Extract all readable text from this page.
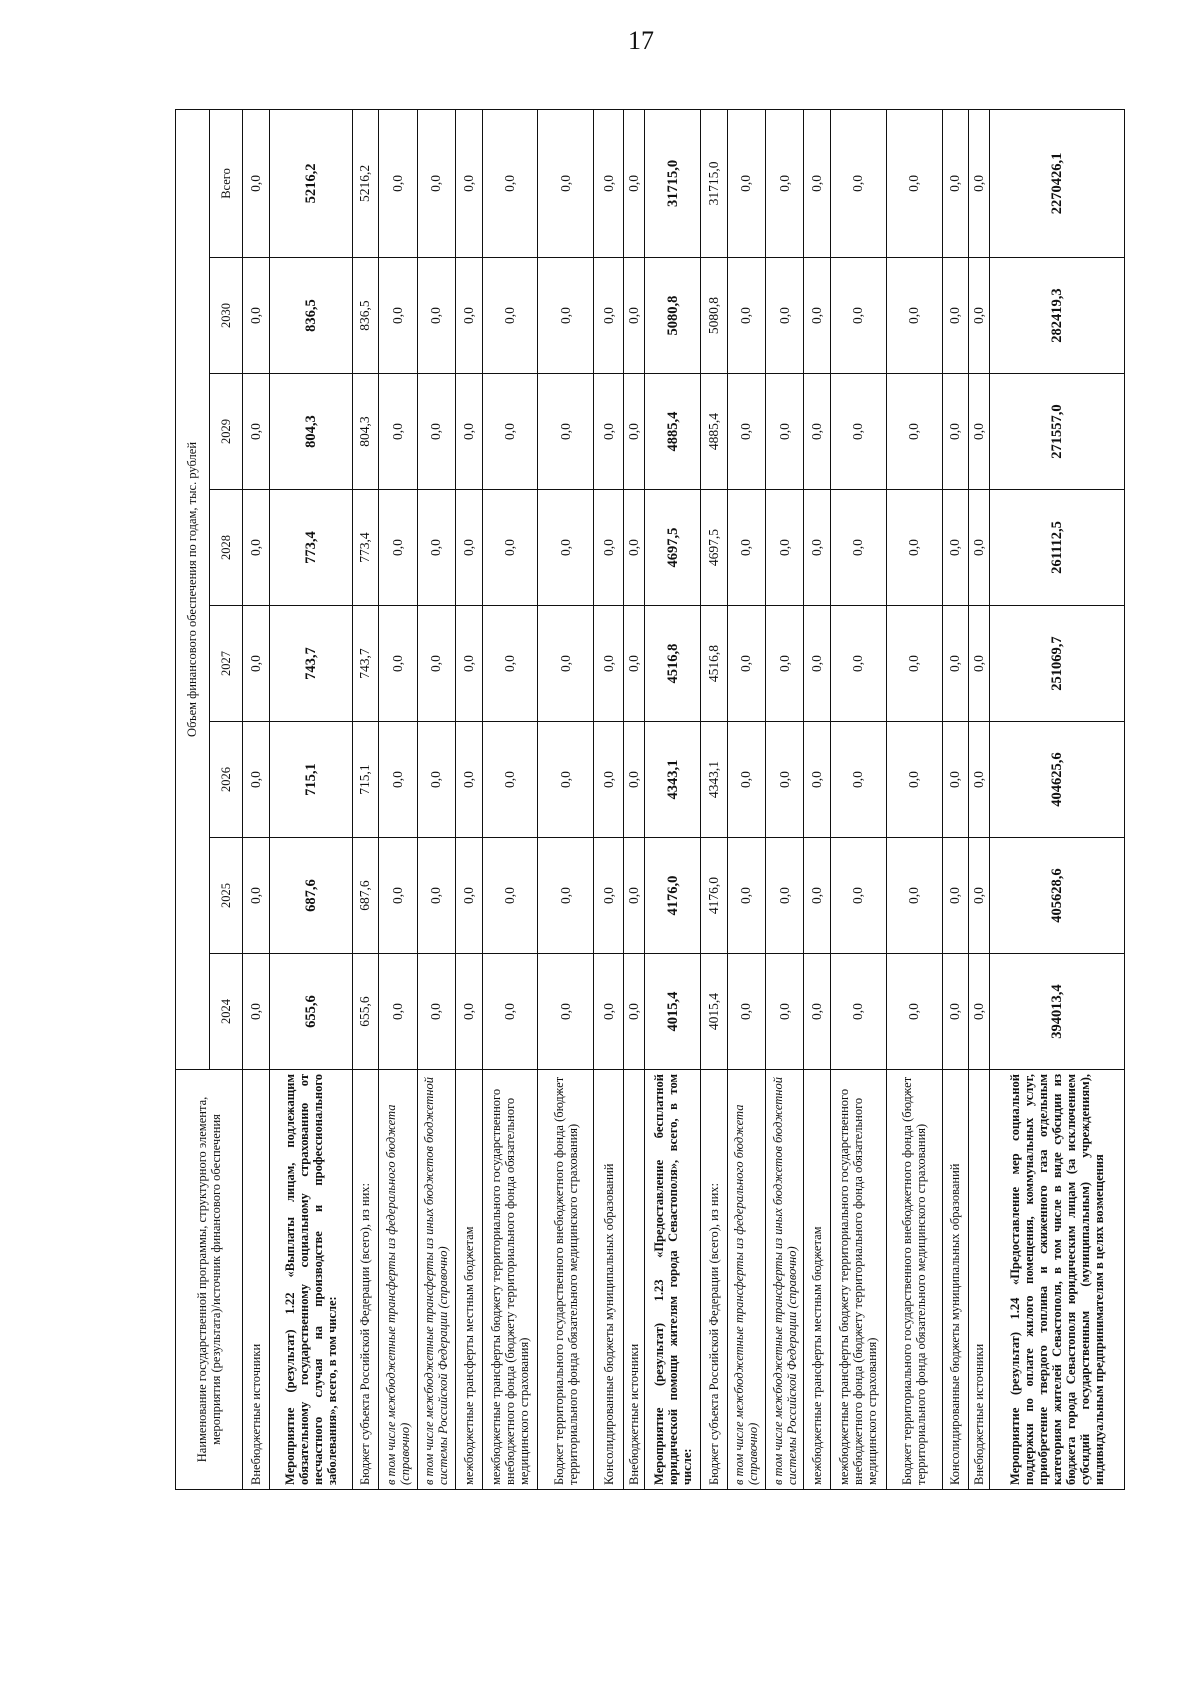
17
Наименование государственной программы, структурного элемента, мероприятия (результата)/источник финансового обеспечения	Объем финансового обеспечения по годам, тыс. рублей							
	2024	2025	2026	2027	2028	2029	2030	Всего
Внебюджетные источники	0,0	0,0	0,0	0,0	0,0	0,0	0,0	0,0
Мероприятие (результат) 1.22 «Выплаты лицам, подлежащим обязательному государственному социальному страхованию от несчастного случая на производстве и профессионального заболевания», всего, в том числе:	655,6	687,6	715,1	743,7	773,4	804,3	836,5	5216,2
Бюджет субъекта Российской Федерации (всего), из них:	655,6	687,6	715,1	743,7	773,4	804,3	836,5	5216,2
в том числе межбюджетные трансферты из федерального бюджета (справочно)	0,0	0,0	0,0	0,0	0,0	0,0	0,0	0,0
в том числе межбюджетные трансферты из иных бюджетов бюджетной системы Российской Федерации (справочно)	0,0	0,0	0,0	0,0	0,0	0,0	0,0	0,0
межбюджетные трансферты местным бюджетам	0,0	0,0	0,0	0,0	0,0	0,0	0,0	0,0
межбюджетные трансферты бюджету территориального государственного внебюджетного фонда (бюджету территориального фонда обязательного медицинского страхования)	0,0	0,0	0,0	0,0	0,0	0,0	0,0	0,0
Бюджет территориального государственного внебюджетного фонда (бюджет территориального фонда обязательного медицинского страхования)	0,0	0,0	0,0	0,0	0,0	0,0	0,0	0,0
Консолидированные бюджеты муниципальных образований	0,0	0,0	0,0	0,0	0,0	0,0	0,0	0,0
Внебюджетные источники	0,0	0,0	0,0	0,0	0,0	0,0	0,0	0,0
Мероприятие (результат) 1.23 «Предоставление бесплатной юридической помощи жителям города Севастополя», всего, в том числе:	4015,4	4176,0	4343,1	4516,8	4697,5	4885,4	5080,8	31715,0
Бюджет субъекта Российской Федерации (всего), из них:	4015,4	4176,0	4343,1	4516,8	4697,5	4885,4	5080,8	31715,0
в том числе межбюджетные трансферты из федерального бюджета (справочно)	0,0	0,0	0,0	0,0	0,0	0,0	0,0	0,0
в том числе межбюджетные трансферты из иных бюджетов бюджетной системы Российской Федерации (справочно)	0,0	0,0	0,0	0,0	0,0	0,0	0,0	0,0
межбюджетные трансферты местным бюджетам	0,0	0,0	0,0	0,0	0,0	0,0	0,0	0,0
межбюджетные трансферты бюджету территориального государственного внебюджетного фонда (бюджету территориального фонда обязательного медицинского страхования)	0,0	0,0	0,0	0,0	0,0	0,0	0,0	0,0
Бюджет территориального государственного внебюджетного фонда (бюджет территориального фонда обязательного медицинского страхования)	0,0	0,0	0,0	0,0	0,0	0,0	0,0	0,0
Консолидированные бюджеты муниципальных образований	0,0	0,0	0,0	0,0	0,0	0,0	0,0	0,0
Внебюджетные источники	0,0	0,0	0,0	0,0	0,0	0,0	0,0	0,0
Мероприятие (результат) 1.24 «Предоставление мер социальной поддержки по оплате жилого помещения, коммунальных услуг, приобретение твердого топлива и сжиженного газа отдельным категориям жителей Севастополя, в том числе в виде субсидии из бюджета города Севастополя юридическим лицам (за исключением субсидий государственным (муниципальным) учреждениям), индивидуальным предпринимателям в целях возмещения	394013,4	405628,6	404625,6	251069,7	261112,5	271557,0	282419,3	2270426,1
